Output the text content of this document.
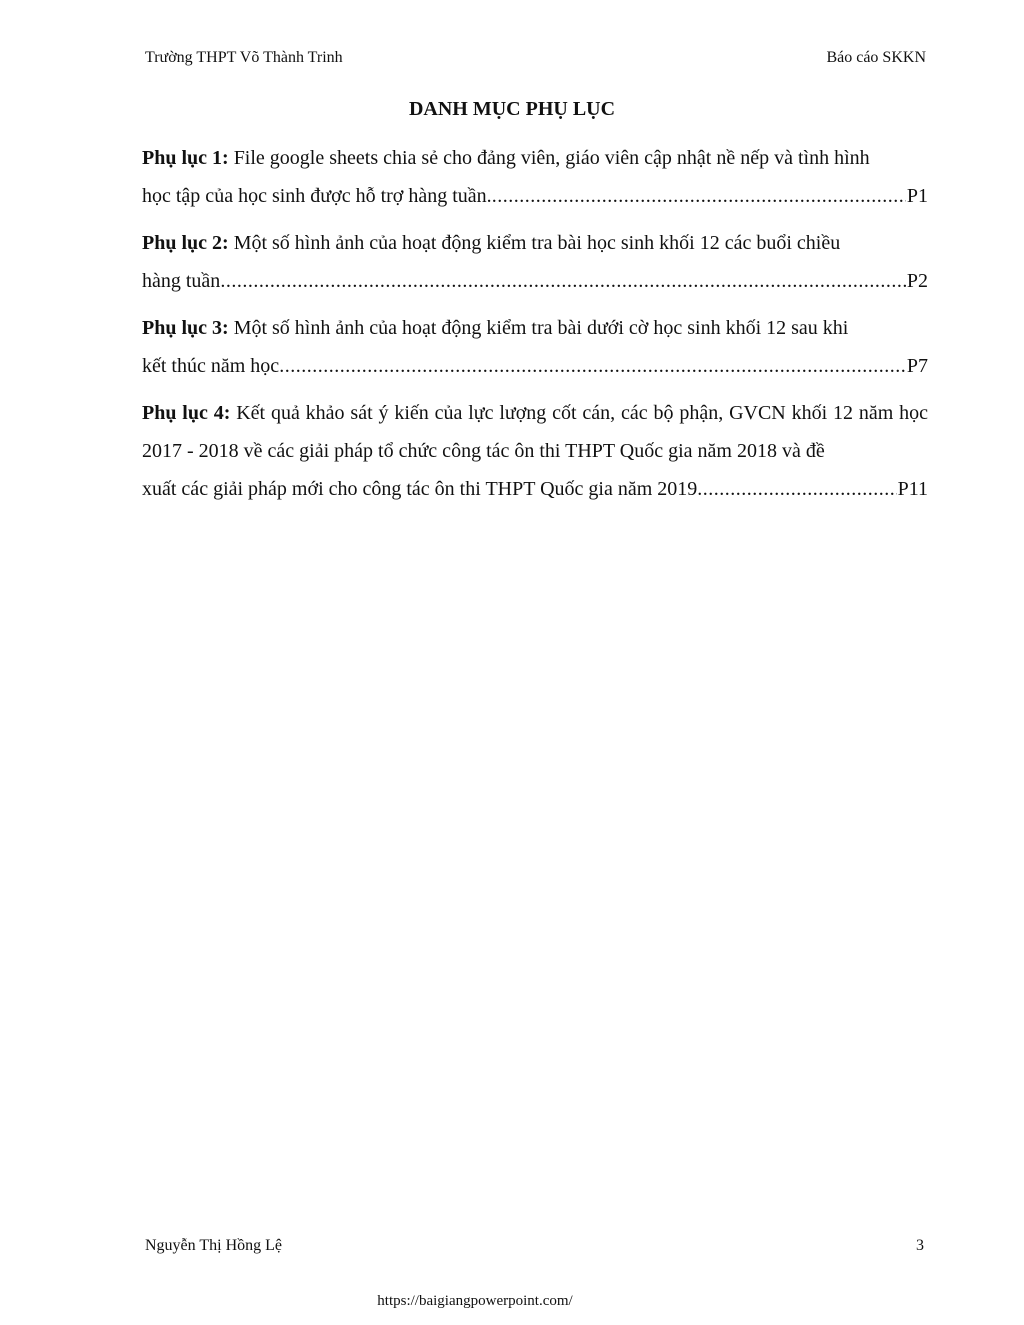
Trường THPT Võ Thành Trinh	Báo cáo SKKN
DANH MỤC PHỤ LỤC
Phụ lục 1: File google sheets chia sẻ cho đảng viên, giáo viên cập nhật nề nếp và tình hình
học tập của học sinh được hỗ trợ hàng tuần. .....	P1
Phụ lục 2: Một số hình ảnh của hoạt động kiểm tra bài học sinh khối 12 các buổi chiều
hàng tuần .....	P2
Phụ lục 3: Một số hình ảnh của hoạt động kiểm tra bài dưới cờ học sinh khối 12 sau khi
kết thúc năm học .....	P7
Phụ lục 4: Kết quả khảo sát ý kiến của lực lượng cốt cán, các bộ phận, GVCN khối 12 năm học 2017 - 2018 về các giải pháp tổ chức công tác ôn thi THPT Quốc gia năm 2018 và đề
xuất các giải pháp mới cho công tác ôn thi THPT Quốc gia năm 2019 .....	P11
Nguyễn Thị Hồng Lệ	3
https://baigiangpowerpoint.com/
